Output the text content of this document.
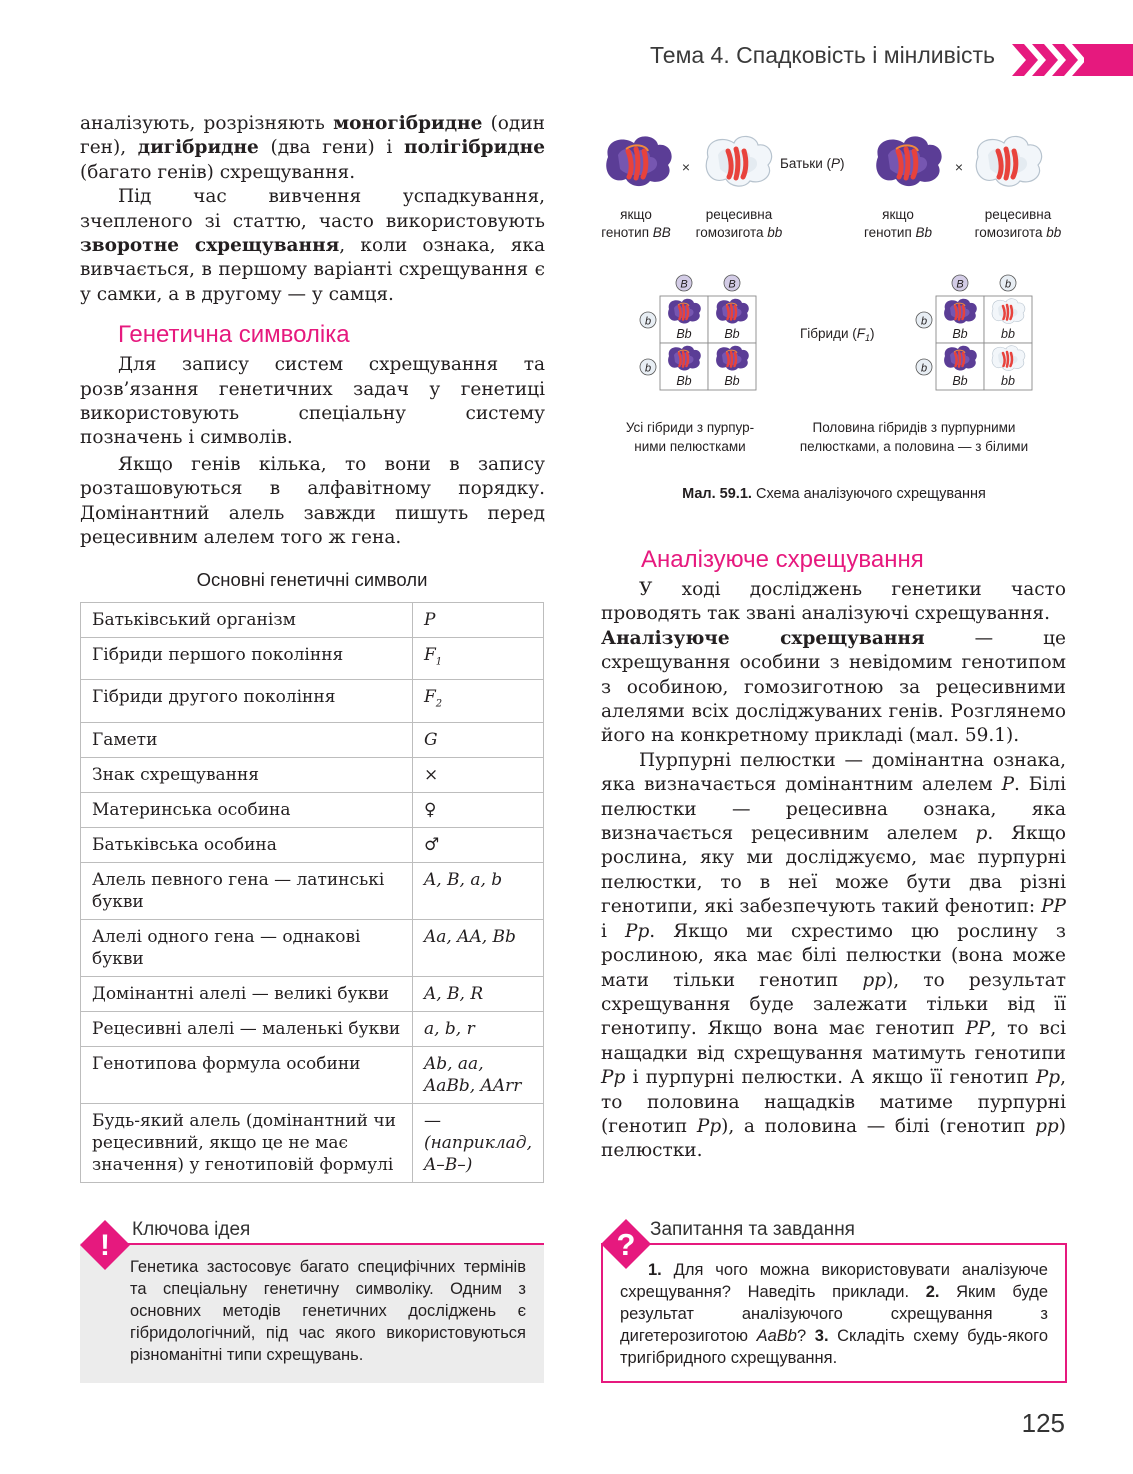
Тема 4. Спадковість і мінливість

аналізують, розрізняють моногібридне (один ген), дигібридне (два гени) і полігібридне (багато генів) схрещування.

Під час вивчення успадкування, зчепленого зі статтю, часто використовують зворотне схрещування, коли ознака, яка вивчається, в першому варіанті схрещування є у самки, а в другому — у самця.

Генетична символіка

Для запису систем схрещування та розв’язання генетичних задач у генетиці використовують спеціальну систему позначень і символів.

Якщо генів кілька, то вони в запису розташовуються в алфавітному порядку. Домінантний алель завжди пишуть перед рецесивним алелем того ж гена.

Основні генетичні символи
Батьківський організм	P
Гібриди першого покоління	$F_1$
Гібриди другого покоління	$F_2$
Гамети	G
Знак схрещування	×
Материнська особина	♀
Батьківська особина	♂
Алель певного гена — латинські букви	A, B, a, b
Алелі одного гена — однакові букви	Aa, AA, Bb
Домінантні алелі — великі букви	A, B, R
Рецесивні алелі — маленькі букви	a, b, r
Генотипова формула особини	Ab, aa, AaBb, AArr
Будь-який алель (домінантний чи рецесивний, якщо це не має значення) у генотиповій формулі	— (наприклад, A–B–)
×	Батьки (P)	×
якщо
генотип BB
рецесивна
гомозигота bb
якщо
генотип Bb
рецесивна
гомозигота bb
B	B
b
b
Bb	Bb
Bb	Bb
B	b
b
b
Bb	bb
Bb	bb
Гібриди $(F_1)$
Усі гібриди з пурпур-
ними пелюстками
Половина гібридів з пурпурними
пелюстками, а половина — з білими
Мал. 59.1. Схема аналізуючого схрещування
Аналізуюче схрещування

У ході досліджень генетики часто проводять так звані аналізуючі схрещування.

Аналізуюче схрещування — це схрещування особини з невідомим генотипом з особиною, гомозиготною за рецесивними алелями всіх досліджуваних генів. Розглянемо його на конкретному прикладі (мал. 59.1).

Пурпурні пелюстки — домінантна ознака, яка визначається домінантним алелем P. Білі пелюстки — рецесивна ознака, яка визначається рецесивним алелем p. Якщо рослина, яку ми досліджуємо, має пурпурні пелюстки, то в неї може бути два різні генотипи, які забезпечують такий фенотип: PP і Pp. Якщо ми схрестимо цю рослину з рослиною, яка має білі пелюстки (вона може мати тільки генотип pp), то результат схрещування буде залежати тільки від її генотипу. Якщо вона має генотип PP, то всі нащадки від схрещування матимуть генотипи Pp і пурпурні пелюстки. А якщо її генотип Pp, то половина нащадків матиме пурпурні (генотип Pp), а половина — білі (генотип pp) пелюстки.

! Ключова ідея
Генетика застосовує багато специфічних термінів та спеціальну генетичну символіку. Одним з основних методів генетичних досліджень є гібридологічний, під час якого використовуються різноманітні типи схрещувань.
? Запитання та завдання
1. Для чого можна використовувати аналізуюче схрещування? Наведіть приклади. 2. Яким буде результат аналізуючого схрещування з дигетерозиготою AaBb? 3. Складіть схему будь-якого тригібридного схрещування.
125
